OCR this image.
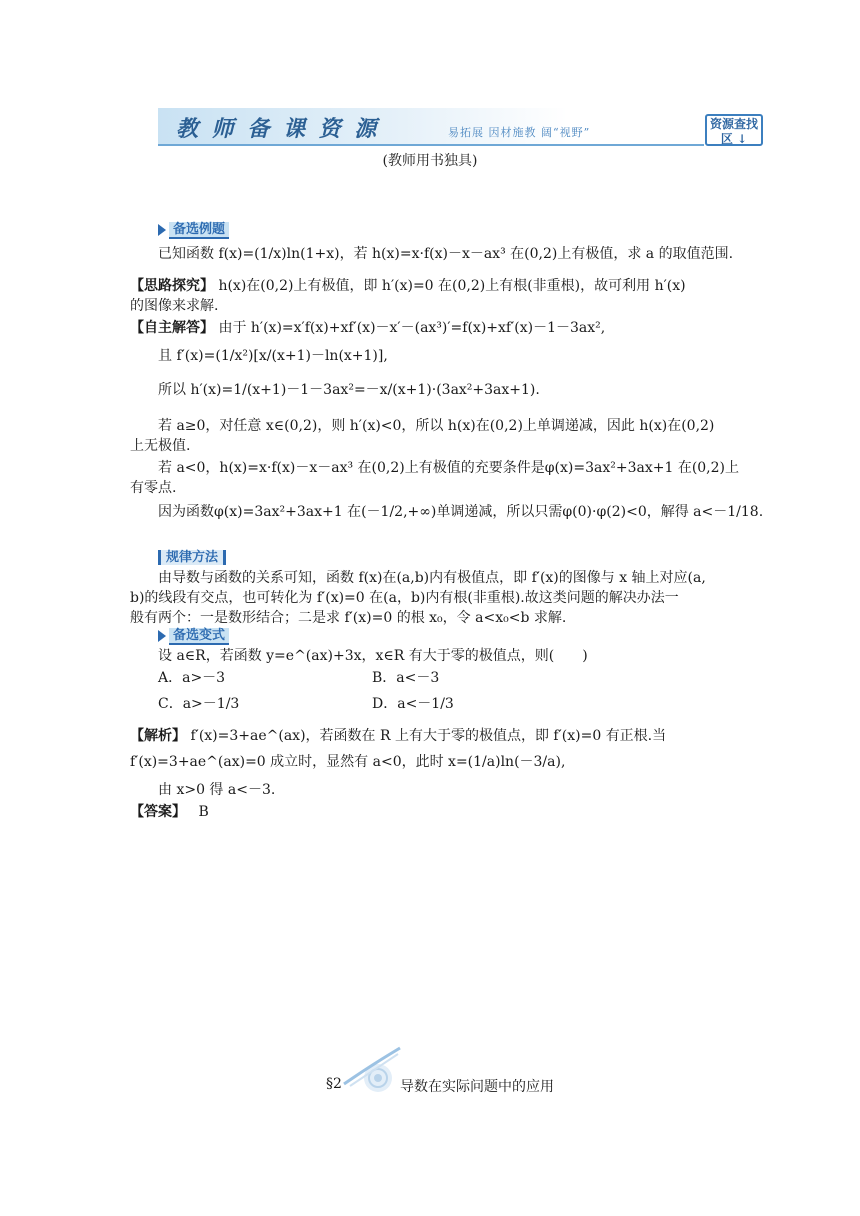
教 师 备 课 资 源	易拓展 因材施教 阔“视野”
资源查找区 ↓
(教师用书独具)
备选例题
已知函数 f(x)=(1/x)ln(1+x)，若 h(x)=x·f(x)－x－ax³ 在(0,2)上有极值，求 a 的取值范围.
【思路探究】 h(x)在(0,2)上有极值，即 h′(x)=0 在(0,2)上有根(非重根)，故可利用 h′(x)
的图像来求解.
【自主解答】 由于 h′(x)=x′f(x)+xf′(x)－x′－(ax³)′=f(x)+xf′(x)－1－3ax²,
且 f′(x)=(1/x²)[x/(x+1)－ln(x+1)],
所以 h′(x)=1/(x+1)－1－3ax²=－x/(x+1)·(3ax²+3ax+1).
若 a≥0，对任意 x∈(0,2)，则 h′(x)<0，所以 h(x)在(0,2)上单调递减，因此 h(x)在(0,2)
上无极值.
若 a<0，h(x)=x·f(x)－x－ax³ 在(0,2)上有极值的充要条件是φ(x)=3ax²+3ax+1 在(0,2)上
有零点.
因为函数φ(x)=3ax²+3ax+1 在(－1/2,+∞)单调递减，所以只需φ(0)·φ(2)<0，解得 a<－1/18.
规律方法
由导数与函数的关系可知，函数 f(x)在(a,b)内有极值点，即 f′(x)的图像与 x 轴上对应(a,
b)的线段有交点，也可转化为 f′(x)=0 在(a，b)内有根(非重根).故这类问题的解决办法一
般有两个：一是数形结合；二是求 f′(x)=0 的根 x₀，令 a<x₀<b 求解.
备选变式
设 a∈R，若函数 y=e^(ax)+3x，x∈R 有大于零的极值点，则(　　)
A．a>－3	B．a<－3
C．a>－1/3	D．a<－1/3
【解析】 f′(x)=3+ae^(ax)，若函数在 R 上有大于零的极值点，即 f′(x)=0 有正根.当
f′(x)=3+ae^(ax)=0 成立时，显然有 a<0，此时 x=(1/a)ln(－3/a),
由 x>0 得 a<－3.
【答案】 B
§2	导数在实际问题中的应用
